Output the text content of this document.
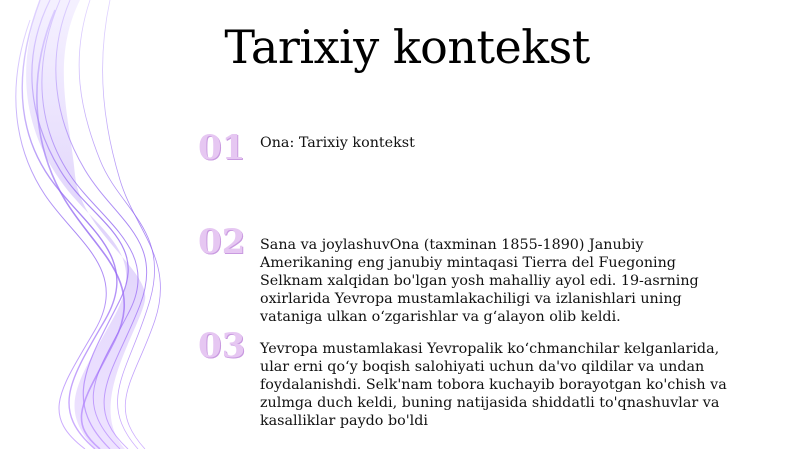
Tarixiy kontekst
01 Ona: Tarixiy kontekst
02 Sana va joylashuvOna (taxminan 1855-1890) Janubiy Amerikaning eng janubiy mintaqasi Tierra del Fuegoning Selknam xalqidan bo'lgan yosh mahalliy ayol edi. 19-asrning oxirlarida Yevropa mustamlakachiligi va izlanishlari uning vataniga ulkan o‘zgarishlar va g‘alayon olib keldi.
03 Yevropa mustamlakasi Yevropalik ko‘chmanchilar kelganlarida, ular erni qo‘y boqish salohiyati uchun da'vo qildilar va undan foydalanishdi. Selk'nam tobora kuchayib borayotgan ko'chish va zulmga duch keldi, buning natijasida shiddatli to'qnashuvlar va kasalliklar paydo bo'ldi
